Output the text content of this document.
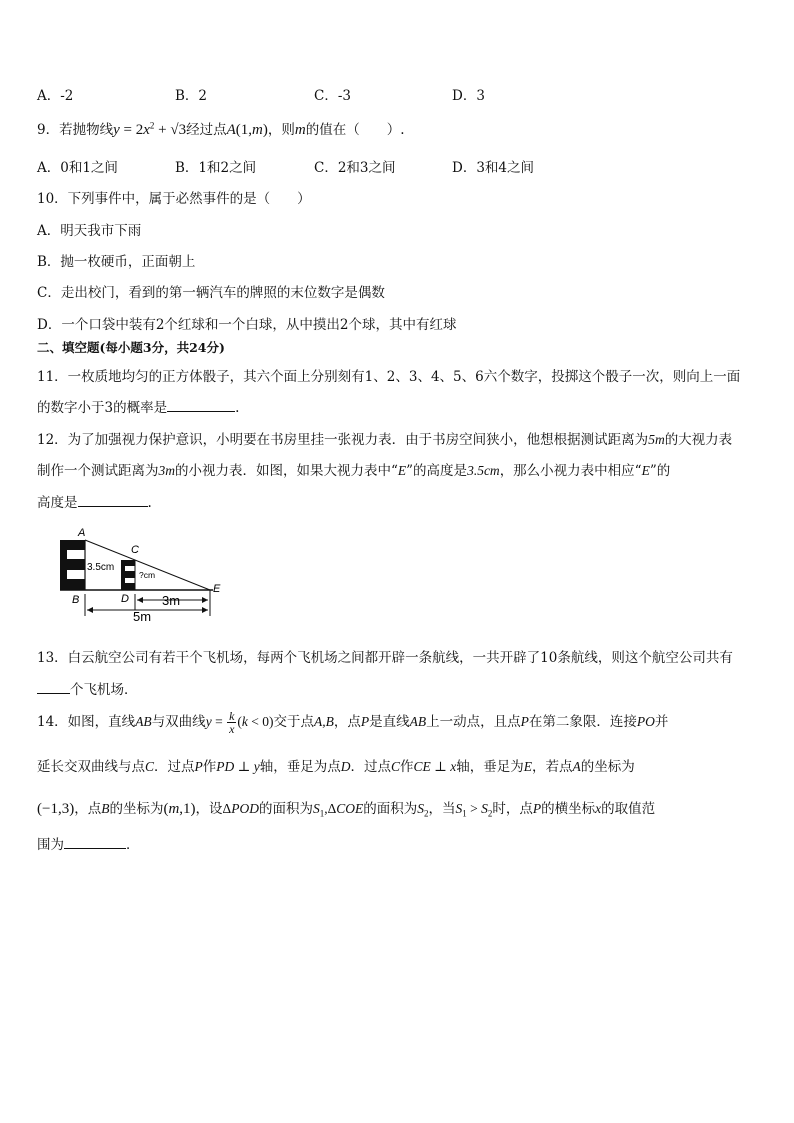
A．-2	B．2	C．-3	D．3
9．若抛物线$y = 2x^2 + √3$经过点A(1,m)，则m的值在（　　）.
A．0和1之间	B．1和2之间	C．2和3之间	D．3和4之间
10．下列事件中，属于必然事件的是（　　）
A．明天我市下雨
B．抛一枚硬币，正面朝上
C．走出校门，看到的第一辆汽车的牌照的末位数字是偶数
D．一个口袋中装有2个红球和一个白球，从中摸出2个球，其中有红球
二、填空题(每小题3分，共24分)
11．一枚质地均匀的正方体骰子，其六个面上分别刻有1、2、3、4、5、6六个数字，投掷这个骰子一次，则向上一面
的数字小于3的概率是	.
12．为了加强视力保护意识，小明要在书房里挂一张视力表．由于书房空间狭小，他想根据测试距离为5m的大视力表
制作一个测试距离为3m的小视力表．如图，如果大视力表中“E”的高度是3.5cm，那么小视力表中相应“E”的
高度是	.
A
B
C
D
E
3.5cm
?cm
5m
3m
13．白云航空公司有若干个飞机场，每两个飞机场之间都开辟一条航线，一共开辟了10条航线，则这个航空公司共有
个飞机场．
14．如图，直线AB与双曲线$y = \frac{k}{x} (k < 0)$交于点A,B，点P是直线AB上一动点，且点P在第二象限．连接PO并
延长交双曲线与点C．过点P作PD ⊥ y轴，垂足为点D．过点C作CE ⊥ x轴，垂足为E，若点A的坐标为
(−1,3)，点B的坐标为(m,1)，设ΔPOD的面积为$S_1,\Delta COE$的面积为$S_2$，当$S_1 > S_2$时，点P的横坐标x的取值范
围为	．
